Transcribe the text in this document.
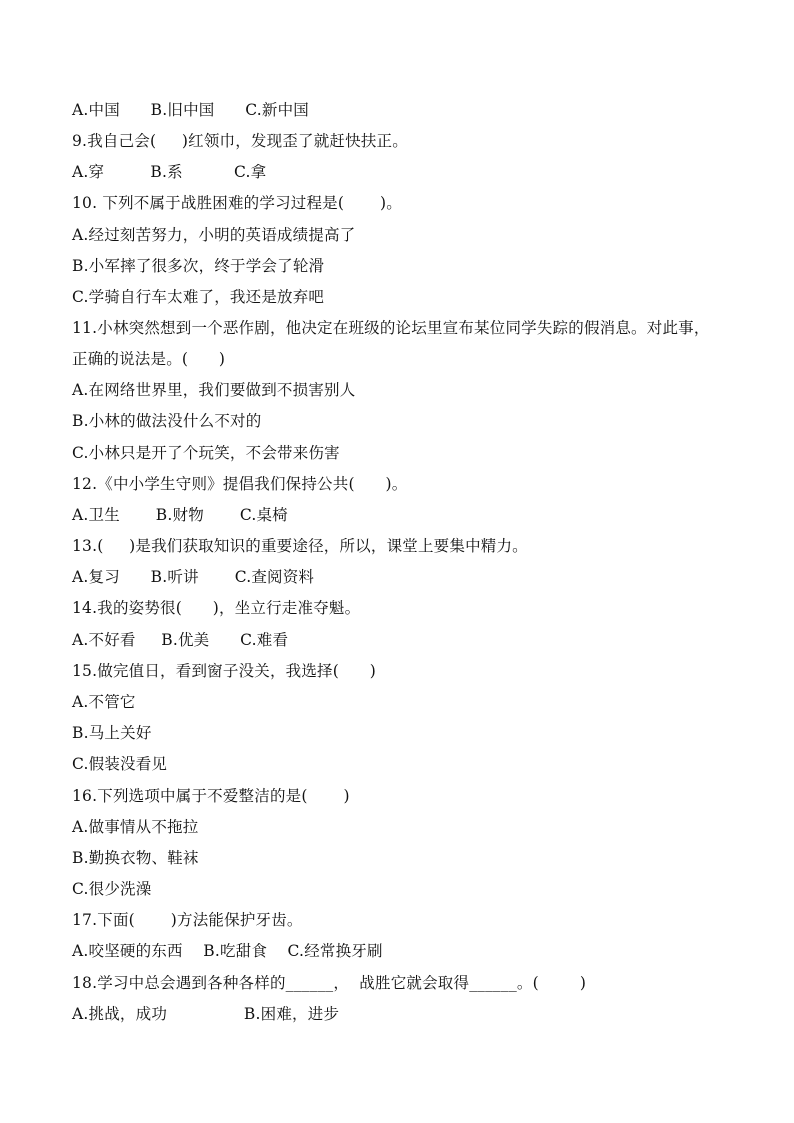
A.中国      B.旧中国      C.新中国
9.我自己会(     )红领巾，发现歪了就赶快扶正。
A.穿         B.系          C.拿
10. 下列不属于战胜困难的学习过程是(       )。
A.经过刻苦努力，小明的英语成绩提高了
B.小军摔了很多次，终于学会了轮滑
C.学骑自行车太难了，我还是放弃吧
11.小林突然想到一个恶作剧，他决定在班级的论坛里宣布某位同学失踪的假消息。对此事，
正确的说法是。(      )
A.在网络世界里，我们要做到不损害别人
B.小林的做法没什么不对的
C.小林只是开了个玩笑，不会带来伤害
12.《中小学生守则》提倡我们保持公共(      )。
A.卫生       B.财物       C.桌椅
13.(     )是我们获取知识的重要途径，所以，课堂上要集中精力。
A.复习      B.听讲       C.查阅资料
14.我的姿势很(      )，坐立行走准夺魁。
A.不好看     B.优美      C.难看
15.做完值日，看到窗子没关，我选择(      )
A.不管它
B.马上关好
C.假装没看见
16.下列选项中属于不爱整洁的是(       )
A.做事情从不拖拉
B.勤换衣物、鞋袜
C.很少洗澡
17.下面(       )方法能保护牙齿。
A.咬坚硬的东西    B.吃甜食    C.经常换牙刷
18.学习中总会遇到各种各样的______，  战胜它就会取得______。(        )
A.挑战，成功               B.困难，进步
